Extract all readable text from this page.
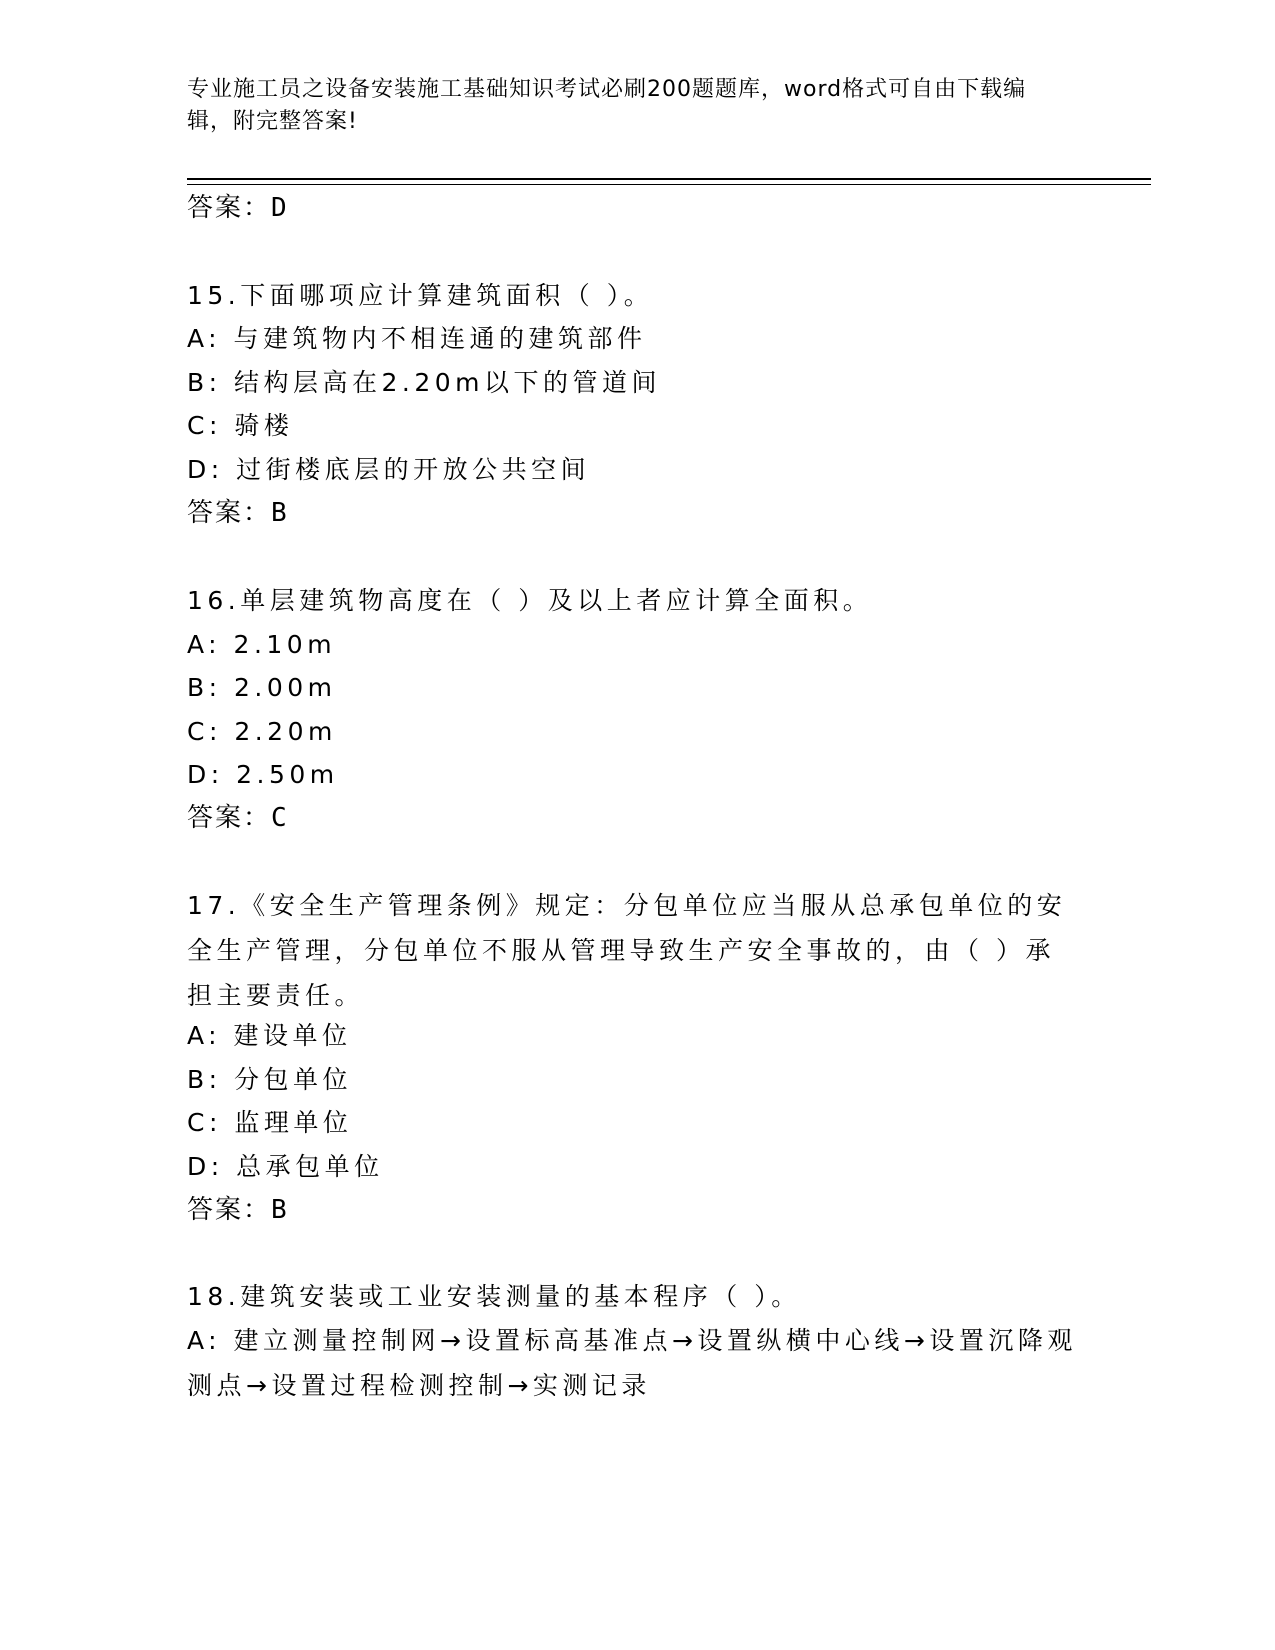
专业施工员之设备安装施工基础知识考试必刷200题题库，word格式可自由下载编辑，附完整答案!
答案：D
15.下面哪项应计算建筑面积（ ）。
A: 与建筑物内不相连通的建筑部件
B: 结构层高在2.20m以下的管道间
C: 骑楼
D: 过街楼底层的开放公共空间
答案：B
16.单层建筑物高度在（ ）及以上者应计算全面积。
A: 2.10m
B: 2.00m
C: 2.20m
D: 2.50m
答案：C
17.《安全生产管理条例》规定：分包单位应当服从总承包单位的安全生产管理，分包单位不服从管理导致生产安全事故的，由（ ）承担主要责任。
A: 建设单位
B: 分包单位
C: 监理单位
D: 总承包单位
答案：B
18.建筑安装或工业安装测量的基本程序（ ）。
A: 建立测量控制网→设置标高基准点→设置纵横中心线→设置沉降观测点→设置过程检测控制→实测记录
